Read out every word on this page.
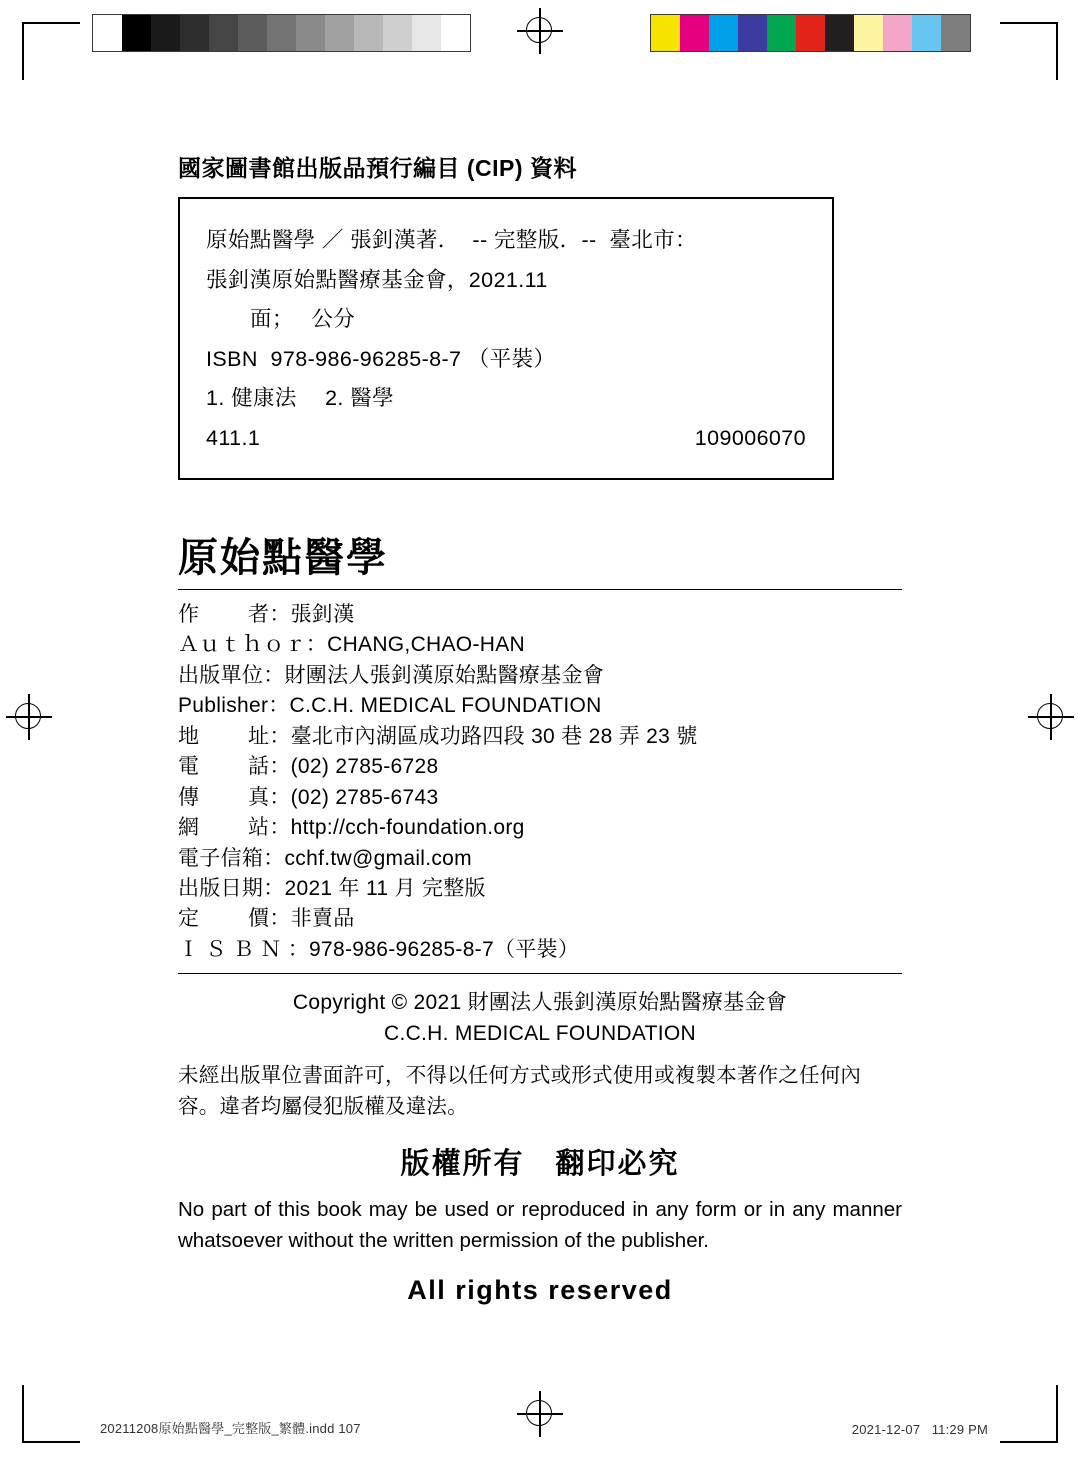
國家圖書館出版品預行編目 (CIP) 資料
原始點醫學 ／ 張釗漢著．  -- 完整版．--  臺北市：
張釗漢原始點醫療基金會，2021.11
面；　 公分
ISBN  978-986-96285-8-7 （平裝）
1. 健康法　 2. 醫學
411.1	109006070
原始點醫學
作　　 者：張釗漢
Ａｕｔｈｏｒ：CHANG,CHAO-HAN
出版單位：財團法人張釗漢原始點醫療基金會
Publisher：C.C.H. MEDICAL FOUNDATION
地　　 址：臺北市內湖區成功路四段 30 巷 28 弄 23 號
電　　 話：(02) 2785-6728
傳　　 真：(02) 2785-6743
網　　 站：http://cch-foundation.org
電子信箱：cchf.tw@gmail.com
出版日期：2021 年 11 月 完整版
定　　 價：非賣品
Ｉ Ｓ Ｂ Ｎ ：978-986-96285-8-7（平裝）
Copyright © 2021 財團法人張釗漢原始點醫療基金會
C.C.H. MEDICAL FOUNDATION
未經出版單位書面許可，不得以任何方式或形式使用或複製本著作之任何內容。違者均屬侵犯版權及違法。
版權所有　翻印必究
No part of this book may be used or reproduced in any form or in any manner whatsoever without the written permission of the publisher.
All rights reserved
20211208原始點醫學_完整版_繁體.indd 107	2021-12-07   11:29 PM
